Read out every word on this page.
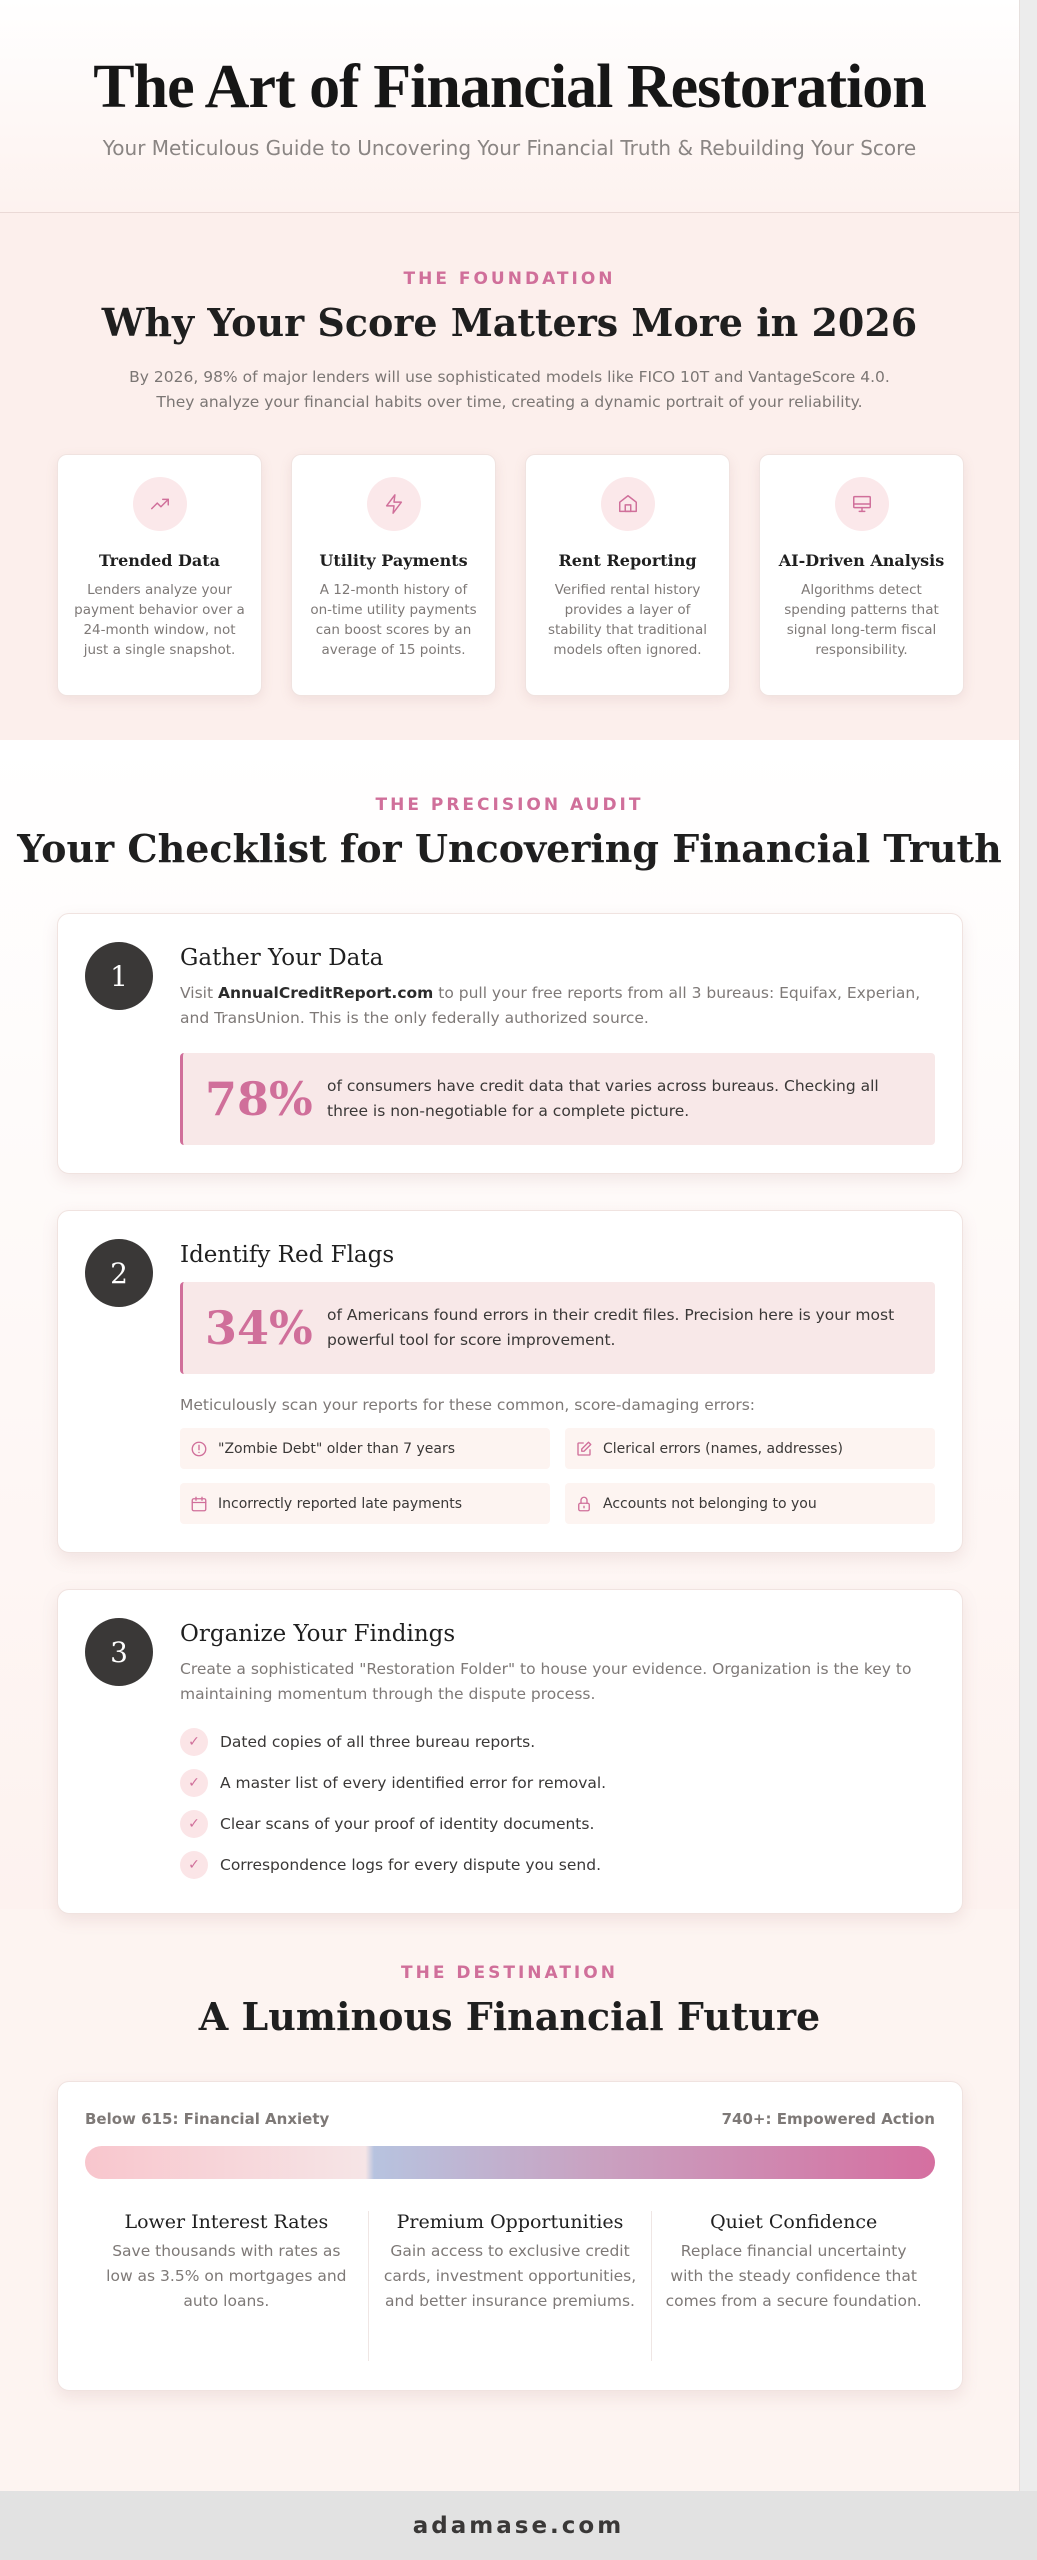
The Art of Financial Restoration

Your Meticulous Guide to Uncovering Your Financial Truth & Rebuilding Your Score

THE FOUNDATION
Why Your Score Matters More in 2026

By 2026, 98% of major lenders will use sophisticated models like FICO 10T and VantageScore 4.0. They analyze your financial habits over time, creating a dynamic portrait of your reliability.

Trended Data

Lenders analyze your payment behavior over a 24-month window, not just a single snapshot.

Utility Payments

A 12-month history of on-time utility payments can boost scores by an average of 15 points.

Rent Reporting

Verified rental history provides a layer of stability that traditional models often ignored.

AI-Driven Analysis

Algorithms detect spending patterns that signal long-term fiscal responsibility.

THE PRECISION AUDIT
Your Checklist for Uncovering Financial Truth
1
Gather Your Data

Visit AnnualCreditReport.com to pull your free reports from all 3 bureaus: Equifax, Experian, and TransUnion. This is the only federally authorized source.

78% of consumers have credit data that varies across bureaus. Checking all three is non-negotiable for a complete picture.
2
Identify Red Flags
34% of Americans found errors in their credit files. Precision here is your most powerful tool for score improvement.

Meticulously scan your reports for these common, score-damaging errors:

"Zombie Debt" older than 7 years	Clerical errors (names, addresses)
Incorrectly reported late payments	Accounts not belonging to you
3
Organize Your Findings

Create a sophisticated "Restoration Folder" to house your evidence. Organization is the key to maintaining momentum through the dispute process.

✓	Dated copies of all three bureau reports.
✓	A master list of every identified error for removal.
✓	Clear scans of your proof of identity documents.
✓	Correspondence logs for every dispute you send.
THE DESTINATION
A Luminous Financial Future
Below 615: Financial Anxiety	740+: Empowered Action
Lower Interest Rates

Save thousands with rates as low as 3.5% on mortgages and auto loans.

Premium Opportunities

Gain access to exclusive credit cards, investment opportunities, and better insurance premiums.

Quiet Confidence

Replace financial uncertainty with the steady confidence that comes from a secure foundation.

adamase.com
